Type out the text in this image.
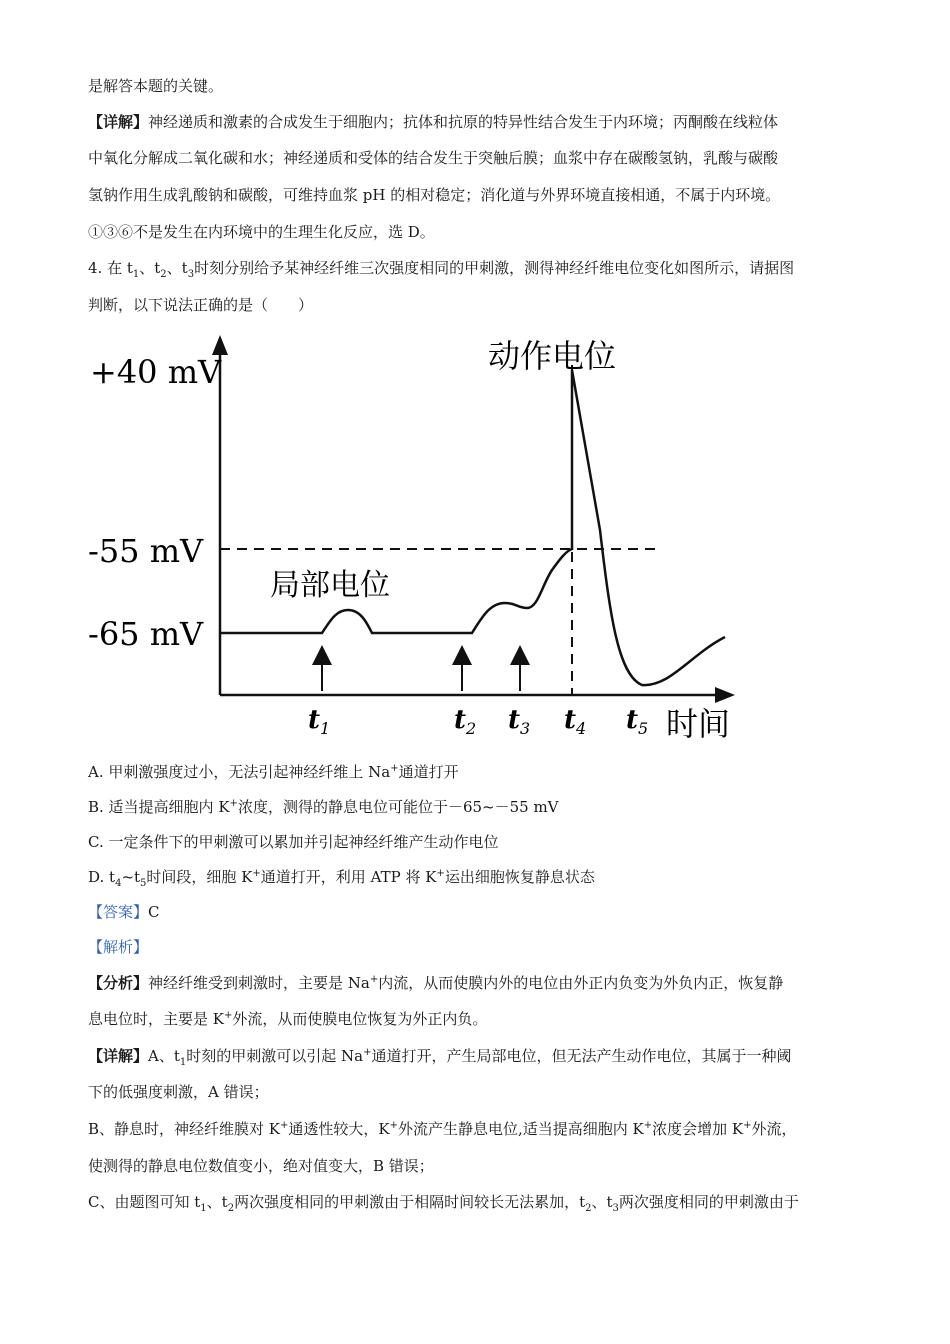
是解答本题的关键。
【详解】神经递质和激素的合成发生于细胞内；抗体和抗原的特异性结合发生于内环境；丙酮酸在线粒体
中氧化分解成二氧化碳和水；神经递质和受体的结合发生于突触后膜；血浆中存在碳酸氢钠，乳酸与碳酸
氢钠作用生成乳酸钠和碳酸，可维持血浆 pH 的相对稳定；消化道与外界环境直接相通，不属于内环境。
①③⑥不是发生在内环境中的生理生化反应，选 D。
4. 在 $t_1$、$t_2$、$t_3$时刻分别给予某神经纤维三次强度相同的甲刺激，测得神经纤维电位变化如图所示，请据图
判断，以下说法正确的是（　　）
+40 mV
-55 mV
-65 mV
$t_1$	$t_2$ $t_3$ $t_4$ $t_5$
动作电位
局部电位
时间
A. 甲刺激强度过小，无法引起神经纤维上 Na+通道打开
B. 适当提高细胞内 K+浓度，测得的静息电位可能位于－65~－55 mV
C. 一定条件下的甲刺激可以累加并引起神经纤维产生动作电位
D. $t_4\sim t_5$时间段，细胞 K+通道打开，利用 ATP 将 K+运出细胞恢复静息状态
【答案】C
【解析】
【分析】神经纤维受到刺激时，主要是 Na+内流，从而使膜内外的电位由外正内负变为外负内正，恢复静
息电位时，主要是 K+外流，从而使膜电位恢复为外正内负。
【详解】A、$t_1$时刻的甲刺激可以引起 Na+通道打开，产生局部电位，但无法产生动作电位，其属于一种阈
下的低强度刺激，A 错误；
B、静息时，神经纤维膜对 K+通透性较大，K+外流产生静息电位,适当提高细胞内 K+浓度会增加 K+外流，
使测得的静息电位数值变小，绝对值变大，B 错误；
C、由题图可知 $t_1$、$t_2$两次强度相同的甲刺激由于相隔时间较长无法累加，$t_2$、$t_3$两次强度相同的甲刺激由于
